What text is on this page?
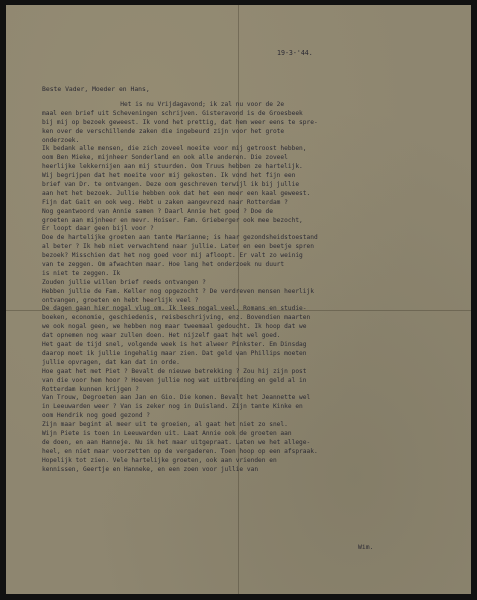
19-3-'44.
Beste Vader, Moeder en Hans,
Het is nu Vrijdagavond; ik zal nu voor de 2e
maal een brief uit Scheveningen schrijven. Gisteravond is de Groesbeek
bij mij op bezoek geweest. Ik vond het prettig, dat hem weer eens te spre-
ken over de verschillende zaken die ingebeurd zijn voor het grote
onderzoek.
Ik bedank alle mensen, die zich zoveel moeite voor mij getroost hebben,
oom Ben Mieke, mijnheer Sonderland en ook alle anderen. Die zoveel
heerlijke lekkernijen aan mij stuurden. Oom Truus hebben ze hartelijk.
Wij begrijpen dat het moeite voor mij gekosten. Ik vond het fijn een
brief van Dr. te ontvangen. Deze oom geschreven terwijl ik bij jullie
aan het het bezoek. Jullie hebben ook dat het een meer een kaal geweest.
Fijn dat Gait en ook weg. Hebt u zaken aangevrezd naar Rotterdam ?
Nog geantwoord van Annie samen ? Daarl Annie het goed ? Doe de
groeten aan mijnheer en mevr. Hoiser. Fam. Grieberger ook mee bezocht,
Er loopt daar geen bijl voor ?
Doe de hartelijke groeten aan tante Marianne; is haar gezondsheidstoestand
al beter ? Ik heb niet verwachtend naar jullie. Later en een beetje spren
bezoek? Misschien dat het nog goed voor mij afloopt. Er valt zo weinig
van te zeggen. Om afwachten maar. Hoe lang het onderzoek nu duurt
is niet te zeggen. Ik
Zouden jullie willen brief reeds ontvangen ?
Hebben jullie de Fam. Keller nog opgezocht ? De verdreven mensen heerlijk
ontvangen, groeten en hebt heerlijk veel ?
De dagen gaan hier nogal vlug om. Ik lees nogal veel. Romans en studie-
boeken, economie, geschiedenis, reisbeschrijving, enz. Bovendien maarten
we ook nogal geen, we hebben nog maar tweemaal gedoucht. Ik hoop dat we
dat opnemen nog waar zullen doen. Het nijzelf gaat het wel goed.
Het gaat de tijd snel, volgende week is het alweer Pinkster. Em Dinsdag
daarop moet ik jullie ingehalig maar zien. Dat geld van Phillips moeten
jullie opvragen, dat kan dat in orde.
Hoe gaat het met Piet ? Bevalt de nieuwe betrekking ? Zou hij zijn post
van die voor hem hoor ? Hoeven jullie nog wat uitbreiding en geld al in
Rotterdam kunnen krijgen ?
Van Trouw, Degroeten aan Jan en Gio. Die komen. Bevalt het Jeannette wel
in Leeuwarden weer ? Van is zeker nog in Duisland. Zijn tante Kinke en
oom Hendrik nog goed gezond ?
Zijn maar begint al meer uit te groeien, al gaat het niet zo snel.
Wijn Piete is toen in Leeuwarden uit. Laat Annie ook de groeten aan
de doen, en aan Hanneje. Nu ik het maar uitgepraat. Laten we het allege-
heel, en niet maar voorzetten op de vergaderen. Toen hoop op een afspraak.
Hopelijk tot zien. Vele hartelijke groeten, ook aan vrienden en
kennissen, Geertje en Hanneke, en een zoen voor jullie van
Wim.
